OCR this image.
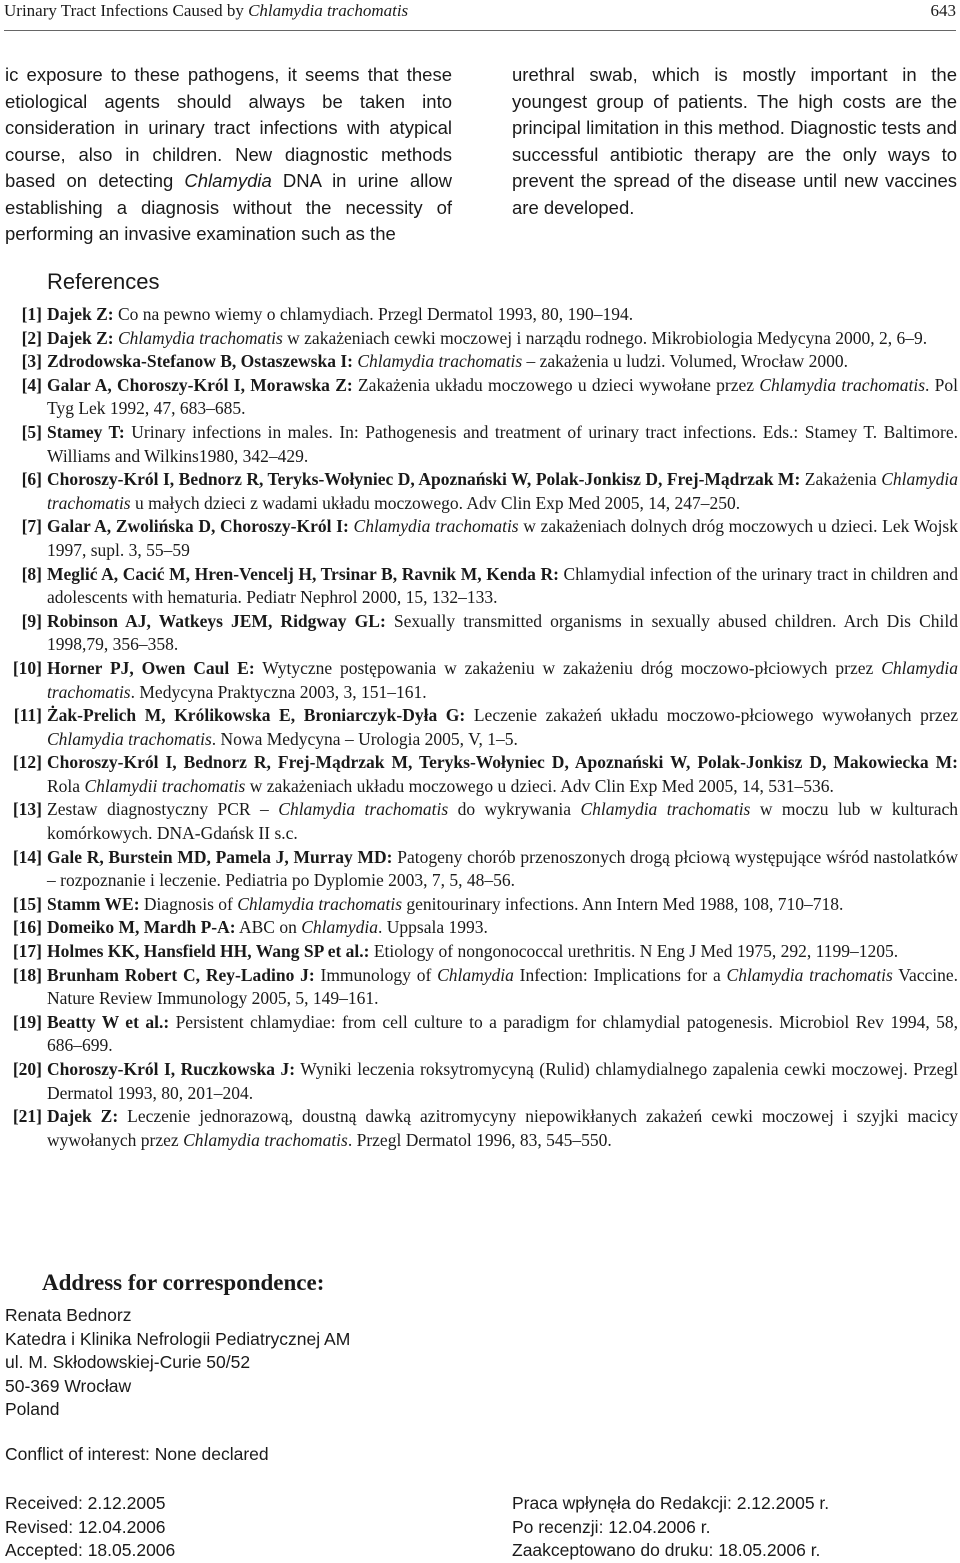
Urinary Tract Infections Caused by Chlamydia trachomatis	643

ic exposure to these pathogens, it seems that these etiological agents should always be taken into consideration in urinary tract infections with atypical course, also in children. New diagnostic methods based on detecting Chlamydia DNA in urine allow establishing a diagnosis without the necessity of performing an invasive examination such as the

urethral swab, which is mostly important in the youngest group of patients. The high costs are the principal limitation in this method. Diagnostic tests and successful antibiotic therapy are the only ways to prevent the spread of the disease until new vaccines are developed.

References
[1] Dajek Z: Co na pewno wiemy o chlamydiach. Przegl Dermatol 1993, 80, 190–194.
[2] Dajek Z: Chlamydia trachomatis w zakażeniach cewki moczowej i narządu rodnego. Mikrobiologia Medycyna 2000, 2, 6–9.
[3] Zdrodowska-Stefanow B, Ostaszewska I: Chlamydia trachomatis – zakażenia u ludzi. Volumed, Wrocław 2000.
[4] Galar A, Choroszy-Król I, Morawska Z: Zakażenia układu moczowego u dzieci wywołane przez Chlamydia trachomatis. Pol Tyg Lek 1992, 47, 683–685.
[5] Stamey T: Urinary infections in males. In: Pathogenesis and treatment of urinary tract infections. Eds.: Stamey T. Baltimore. Williams and Wilkins1980, 342–429.
[6] Choroszy-Król I, Bednorz R, Teryks-Wołyniec D, Apoznański W, Polak-Jonkisz D, Frej-Mądrzak M: Zakażenia Chlamydia trachomatis u małych dzieci z wadami układu moczowego. Adv Clin Exp Med 2005, 14, 247–250.
[7] Galar A, Zwolińska D, Choroszy-Król I: Chlamydia trachomatis w zakażeniach dolnych dróg moczowych u dzieci. Lek Wojsk 1997, supl. 3, 55–59
[8] Meglić A, Cacić M, Hren-Vencelj H, Trsinar B, Ravnik M, Kenda R: Chlamydial infection of the urinary tract in children and adolescents with hematuria. Pediatr Nephrol 2000, 15, 132–133.
[9] Robinson AJ, Watkeys JEM, Ridgway GL: Sexually transmitted organisms in sexually abused children. Arch Dis Child 1998,79, 356–358.
[10] Horner PJ, Owen Caul E: Wytyczne postępowania w zakażeniu w zakażeniu dróg moczowo-płciowych przez Chlamydia trachomatis. Medycyna Praktyczna 2003, 3, 151–161.
[11] Żak-Prelich M, Królikowska E, Broniarczyk-Dyła G: Leczenie zakażeń układu moczowo-płciowego wywołanych przez Chlamydia trachomatis. Nowa Medycyna – Urologia 2005, V, 1–5.
[12] Choroszy-Król I, Bednorz R, Frej-Mądrzak M, Teryks-Wołyniec D, Apoznański W, Polak-Jonkisz D, Makowiecka M: Rola Chlamydii trachomatis w zakażeniach układu moczowego u dzieci. Adv Clin Exp Med 2005, 14, 531–536.
[13] Zestaw diagnostyczny PCR – Chlamydia trachomatis do wykrywania Chlamydia trachomatis w moczu lub w kulturach komórkowych. DNA-Gdańsk II s.c.
[14] Gale R, Burstein MD, Pamela J, Murray MD: Patogeny chorób przenoszonych drogą płciową występujące wśród nastolatków – rozpoznanie i leczenie. Pediatria po Dyplomie 2003, 7, 5, 48–56.
[15] Stamm WE: Diagnosis of Chlamydia trachomatis genitourinary infections. Ann Intern Med 1988, 108, 710–718.
[16] Domeiko M, Mardh P-A: ABC on Chlamydia. Uppsala 1993.
[17] Holmes KK, Hansfield HH, Wang SP et al.: Etiology of nongonococcal urethritis. N Eng J Med 1975, 292, 1199–1205.
[18] Brunham Robert C, Rey-Ladino J: Immunology of Chlamydia Infection: Implications for a Chlamydia trachomatis Vaccine. Nature Review Immunology 2005, 5, 149–161.
[19] Beatty W et al.: Persistent chlamydiae: from cell culture to a paradigm for chlamydial patogenesis. Microbiol Rev 1994, 58, 686–699.
[20] Choroszy-Król I, Ruczkowska J: Wyniki leczenia roksytromycyną (Rulid) chlamydialnego zapalenia cewki moczowej. Przegl Dermatol 1993, 80, 201–204.
[21] Dajek Z: Leczenie jednorazową, doustną dawką azitromycyny niepowikłanych zakażeń cewki moczowej i szyjki macicy wywołanych przez Chlamydia trachomatis. Przegl Dermatol 1996, 83, 545–550.
Address for correspondence:
Renata Bednorz
Katedra i Klinika Nefrologii Pediatrycznej AM
ul. M. Skłodowskiej-Curie 50/52
50-369 Wrocław
Poland
Conflict of interest: None declared
Received: 2.12.2005
Revised: 12.04.2006
Accepted: 18.05.2006
Praca wpłynęła do Redakcji: 2.12.2005 r.
Po recenzji: 12.04.2006 r.
Zaakceptowano do druku: 18.05.2006 r.
